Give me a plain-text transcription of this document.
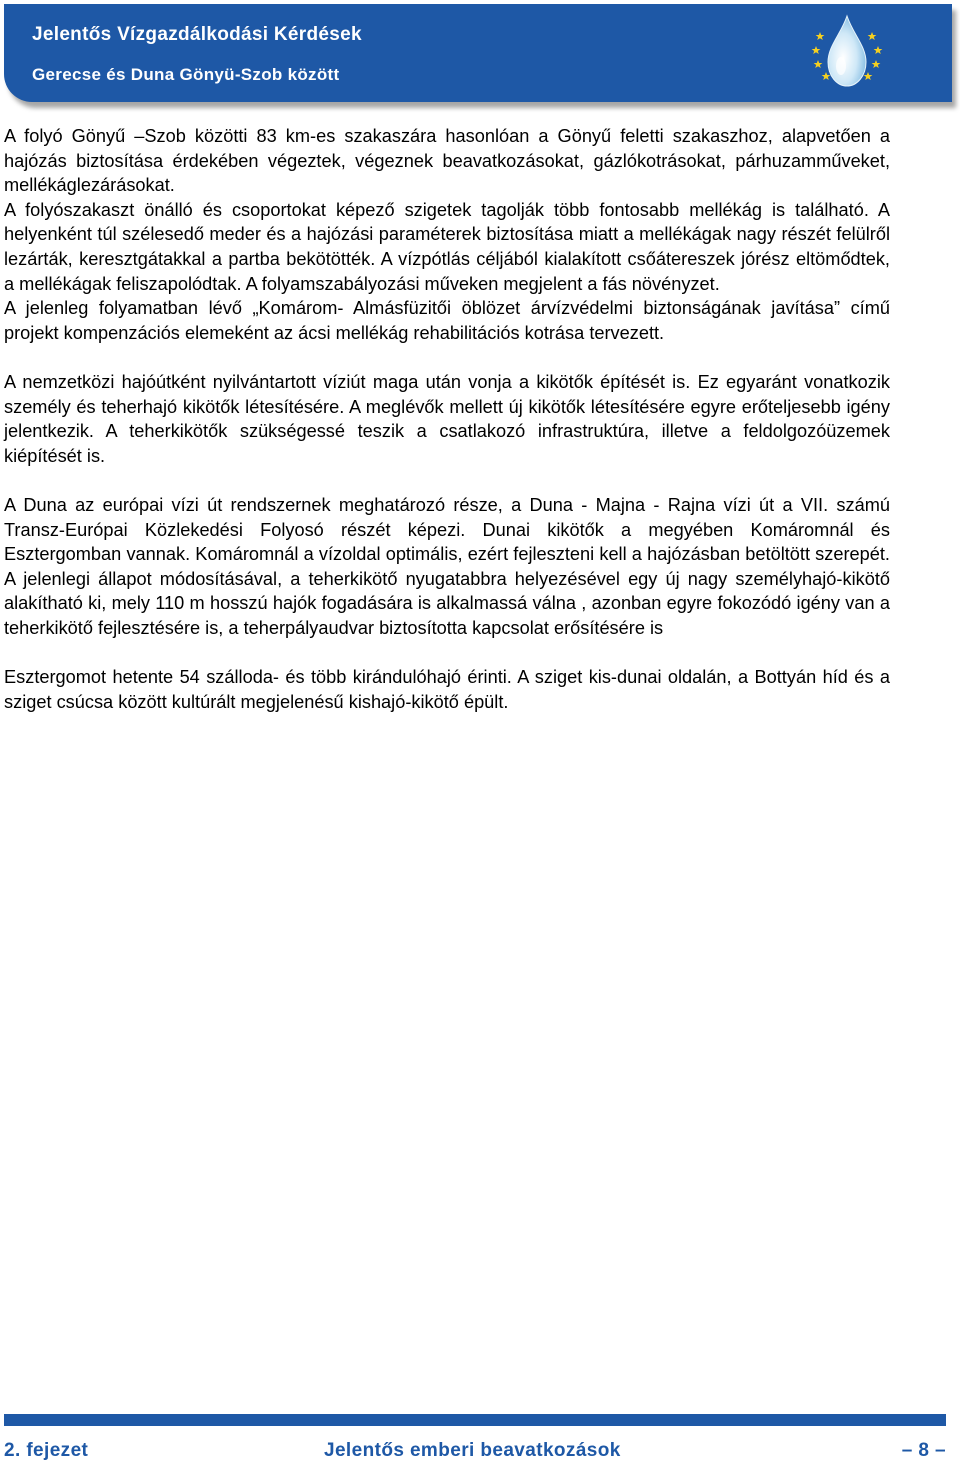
Jelentős Vízgazdálkodási Kérdések
Gerecse és Duna Gönyü-Szob között

A folyó Gönyű –Szob közötti 83 km-es szakaszára hasonlóan a Gönyű feletti szakaszhoz, alapvetően a hajózás biztosítása érdekében végeztek, végeznek beavatkozásokat, gázlókotrásokat, párhuzamműveket, mellékáglezárásokat.

A folyószakaszt önálló és csoportokat képező szigetek tagolják több fontosabb mellékág is található. A helyenként túl szélesedő meder és a hajózási paraméterek biztosítása miatt a mellékágak nagy részét felülről lezárták, keresztgátakkal a partba bekötötték. A vízpótlás céljából kialakított csőátereszek jórész eltömődtek, a mellékágak feliszapolódtak. A folyamszabályozási műveken megjelent a fás növényzet.

A jelenleg folyamatban lévő „Komárom- Almásfüzitői öblözet árvízvédelmi biztonságának javítása” című projekt kompenzációs elemeként az ácsi mellékág rehabilitációs kotrása tervezett.

A nemzetközi hajóútként nyilvántartott víziút maga után vonja a kikötők építését is. Ez egyaránt vonatkozik személy és teherhajó kikötők létesítésére. A meglévők mellett új kikötők létesítésére egyre erőteljesebb igény jelentkezik. A teherkikötők szükségessé teszik a csatlakozó infrastruktúra, illetve a feldolgozóüzemek kiépítését is.

A Duna az európai vízi út rendszernek meghatározó része, a Duna - Majna - Rajna vízi út a VII. számú Transz-Európai Közlekedési Folyosó részét képezi. Dunai kikötők a megyében Komáromnál és Esztergomban vannak. Komáromnál a vízoldal optimális, ezért fejleszteni kell a hajózásban betöltött szerepét. A jelenlegi állapot módosításával, a teherkikötő nyugatabbra helyezésével egy új nagy személyhajó-kikötő alakítható ki, mely 110 m hosszú hajók fogadására is alkalmassá válna , azonban egyre fokozódó igény van a teherkikötő fejlesztésére is, a teherpályaudvar biztosította kapcsolat erősítésére is

Esztergomot hetente 54 szálloda- és több kirándulóhajó érinti. A sziget kis-dunai oldalán, a Bottyán híd és a sziget csúcsa között kultúrált megjelenésű kishajó-kikötő épült.

2. fejezet	Jelentős emberi beavatkozások	– 8 –
